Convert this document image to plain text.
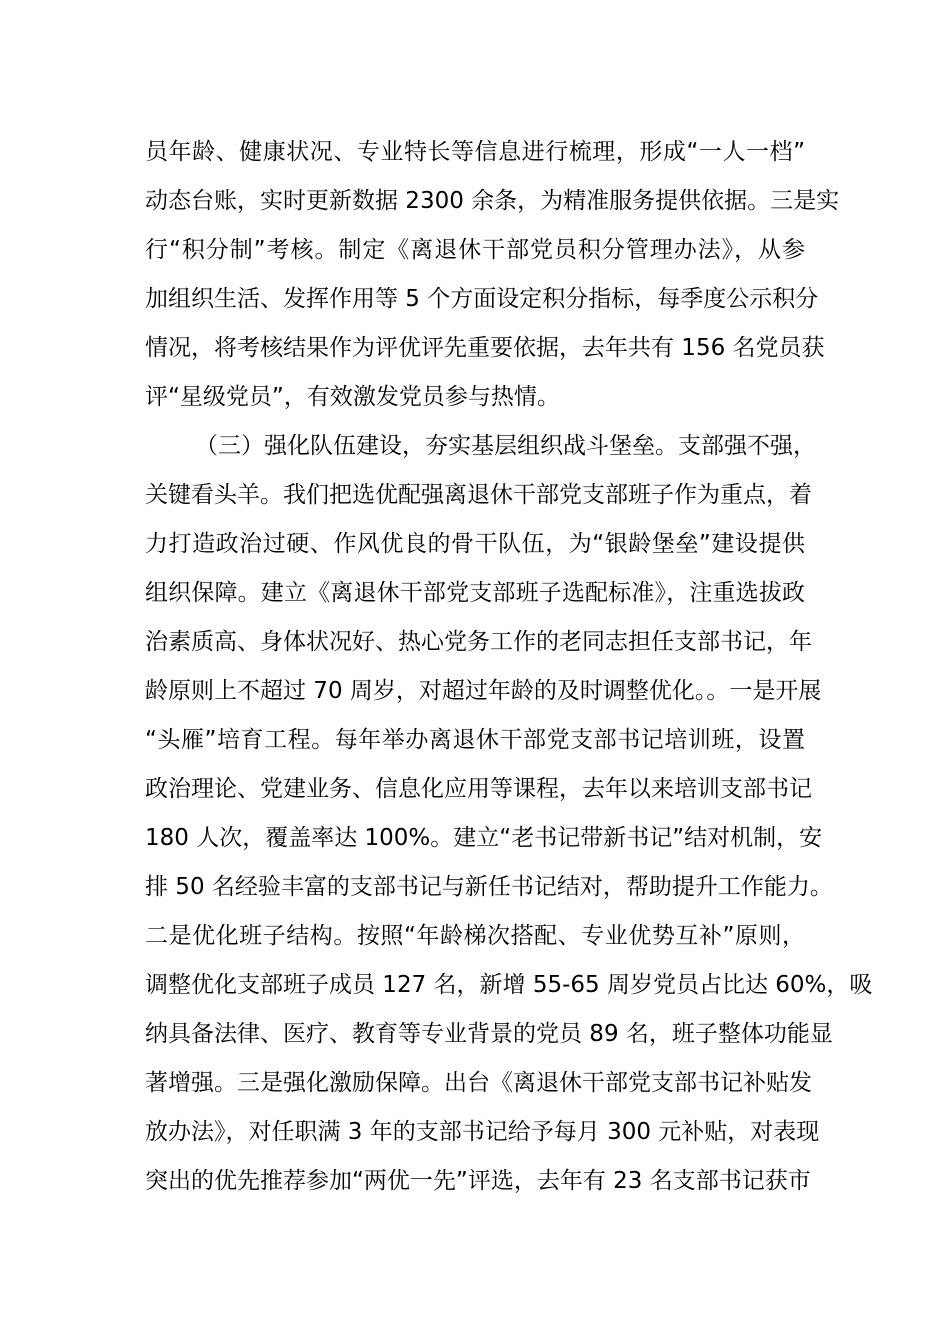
员年龄、健康状况、专业特长等信息进行梳理，形成“一人一档”
动态台账，实时更新数据 2300 余条，为精准服务提供依据。三是实
行“积分制”考核。制定《离退休干部党员积分管理办法》，从参
加组织生活、发挥作用等 5 个方面设定积分指标，每季度公示积分
情况，将考核结果作为评优评先重要依据，去年共有 156 名党员获
评“星级党员”，有效激发党员参与热情。
（三）强化队伍建设，夯实基层组织战斗堡垒。支部强不强，
关键看头羊。我们把选优配强离退休干部党支部班子作为重点，着
力打造政治过硬、作风优良的骨干队伍，为“银龄堡垒”建设提供
组织保障。建立《离退休干部党支部班子选配标准》，注重选拔政
治素质高、身体状况好、热心党务工作的老同志担任支部书记，年
龄原则上不超过 70 周岁，对超过年龄的及时调整优化。。一是开展
“头雁”培育工程。每年举办离退休干部党支部书记培训班，设置
政治理论、党建业务、信息化应用等课程，去年以来培训支部书记
180 人次，覆盖率达 100%。建立“老书记带新书记”结对机制，安
排 50 名经验丰富的支部书记与新任书记结对，帮助提升工作能力。
二是优化班子结构。按照“年龄梯次搭配、专业优势互补”原则，
调整优化支部班子成员 127 名，新增 55-65 周岁党员占比达 60%，吸
纳具备法律、医疗、教育等专业背景的党员 89 名，班子整体功能显
著增强。三是强化激励保障。出台《离退休干部党支部书记补贴发
放办法》，对任职满 3 年的支部书记给予每月 300 元补贴，对表现
突出的优先推荐参加“两优一先”评选，去年有 23 名支部书记获市
